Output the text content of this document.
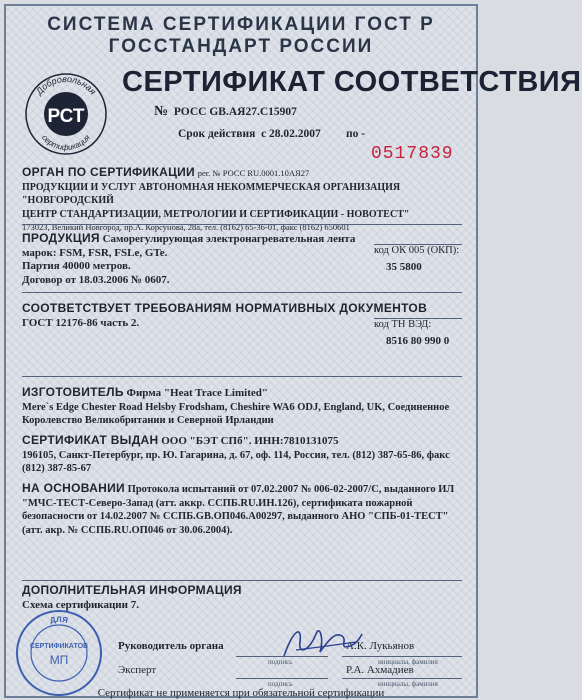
СИСТЕМА СЕРТИФИКАЦИИ ГОСТ Р
ГОССТАНДАРТ РОССИИ
Добровольная
сертификация
РСТ
СЕРТИФИКАТ СООТВЕТСТВИЯ
№ РОСС GB.АЯ27.С15907
Срок действия с 28.02.2007 по -
0517839
ОРГАН ПО СЕРТИФИКАЦИИ рег. № РОСС RU.0001.10АЯ27
ПРОДУКЦИИ И УСЛУГ АВТОНОМНАЯ НЕКОММЕРЧЕСКАЯ ОРГАНИЗАЦИЯ "НОВГОРОДСКИЙ
ЦЕНТР СТАНДАРТИЗАЦИИ, МЕТРОЛОГИИ И СЕРТИФИКАЦИИ - НОВОТЕСТ"
173023, Великий Новгород, пр.А. Корсунова, 28а, тел. (8162) 65-36-01, факс (8162) 650601
ПРОДУКЦИЯ Саморегулирующая электронагревательная лента
марок: FSM, FSR, FSLe, GTe.
Партия 40000 метров.
Договор от 18.03.2006 № 0607.
код ОК 005 (ОКП):
35 5800
СООТВЕТСТВУЕТ ТРЕБОВАНИЯМ НОРМАТИВНЫХ ДОКУМЕНТОВ
ГОСТ 12176-86 часть 2.	код ТН ВЭД:
8516 80 990 0
ИЗГОТОВИТЕЛЬ Фирма "Heat Trace Limited"
Mere`s Edge Chester Road Helsby Frodsham, Cheshire WA6 ODJ, England, UK, Соединенное
Королевство Великобритании и Северной Ирландии
СЕРТИФИКАТ ВЫДАН ООО "БЭТ СПб". ИНН:7810131075
196105, Санкт-Петербург, пр. Ю. Гагарина, д. 67, оф. 114, Россия, тел. (812) 387-65-86, факс
(812) 387-85-67
НА ОСНОВАНИИ Протокола испытаний от 07.02.2007 № 006-02-2007/С, выданного ИЛ
"МЧС-ТЕСТ-Северо-Запад (атт. аккр. ССПБ.RU.ИН.126), сертификата пожарной
безопасности от 14.02.2007 № ССПБ.GB.ОП046.А00297, выданного АНО "СПБ-01-ТЕСТ"
(атт. акр. № ССПБ.RU.ОП046 от 30.06.2004).
ДОПОЛНИТЕЛЬНАЯ ИНФОРМАЦИЯ
Схема сертификации 7.
ДЛЯ
СЕРТИФИКАТОВ
MП
Руководитель органа
подпись
А.К. Лукьянов
инициалы, фамилия
Эксперт
подпись
Р.А. Ахмадиев
инициалы, фамилия
Сертификат не применяется при обязательной сертификации
